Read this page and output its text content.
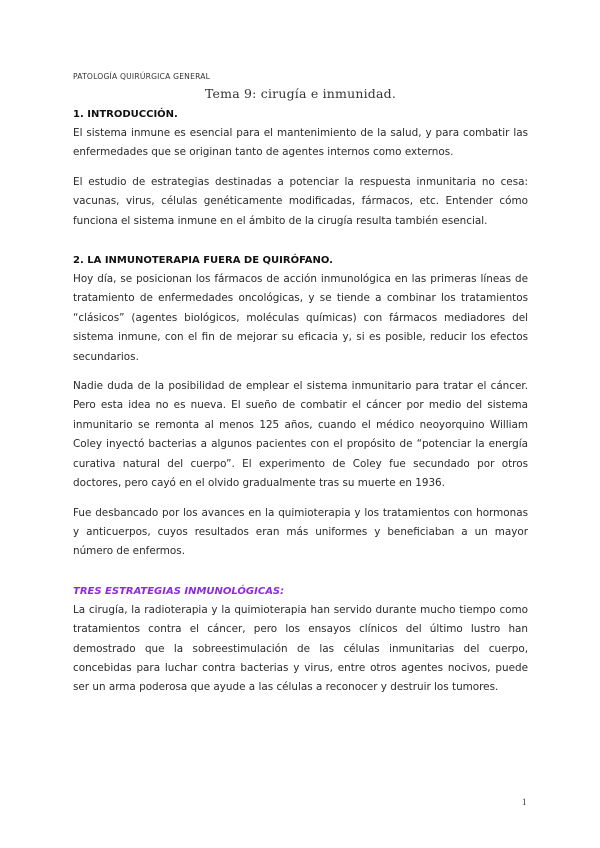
PATOLOGÍA QUIRÚRGICA GENERAL
Tema 9: cirugía e inmunidad.
1. INTRODUCCIÓN.

El sistema inmune es esencial para el mantenimiento de la salud, y para combatir las enfermedades que se originan tanto de agentes internos como externos.

El estudio de estrategias destinadas a potenciar la respuesta inmunitaria no cesa: vacunas, virus, células genéticamente modificadas, fármacos, etc. Entender cómo funciona el sistema inmune en el ámbito de la cirugía resulta también esencial.

2. LA INMUNOTERAPIA FUERA DE QUIRÓFANO.

Hoy día, se posicionan los fármacos de acción inmunológica en las primeras líneas de tratamiento de enfermedades oncológicas, y se tiende a combinar los tratamientos “clásicos” (agentes biológicos, moléculas químicas) con fármacos mediadores del sistema inmune, con el fin de mejorar su eficacia y, si es posible, reducir los efectos secundarios.

Nadie duda de la posibilidad de emplear el sistema inmunitario para tratar el cáncer. Pero esta idea no es nueva. El sueño de combatir el cáncer por medio del sistema inmunitario se remonta al menos 125 años, cuando el médico neoyorquino William Coley inyectó bacterias a algunos pacientes con el propósito de “potenciar la energía curativa natural del cuerpo”. El experimento de Coley fue secundado por otros doctores, pero cayó en el olvido gradualmente tras su muerte en 1936.

Fue desbancado por los avances en la quimioterapia y los tratamientos con hormonas y anticuerpos, cuyos resultados eran más uniformes y beneficiaban a un mayor número de enfermos.

TRES ESTRATEGIAS INMUNOLÓGICAS:

La cirugía, la radioterapia y la quimioterapia han servido durante mucho tiempo como tratamientos contra el cáncer, pero los ensayos clínicos del último lustro han demostrado que la sobreestimulación de las células inmunitarias del cuerpo, concebidas para luchar contra bacterias y virus, entre otros agentes nocivos, puede ser un arma poderosa que ayude a las células a reconocer y destruir los tumores.

1
